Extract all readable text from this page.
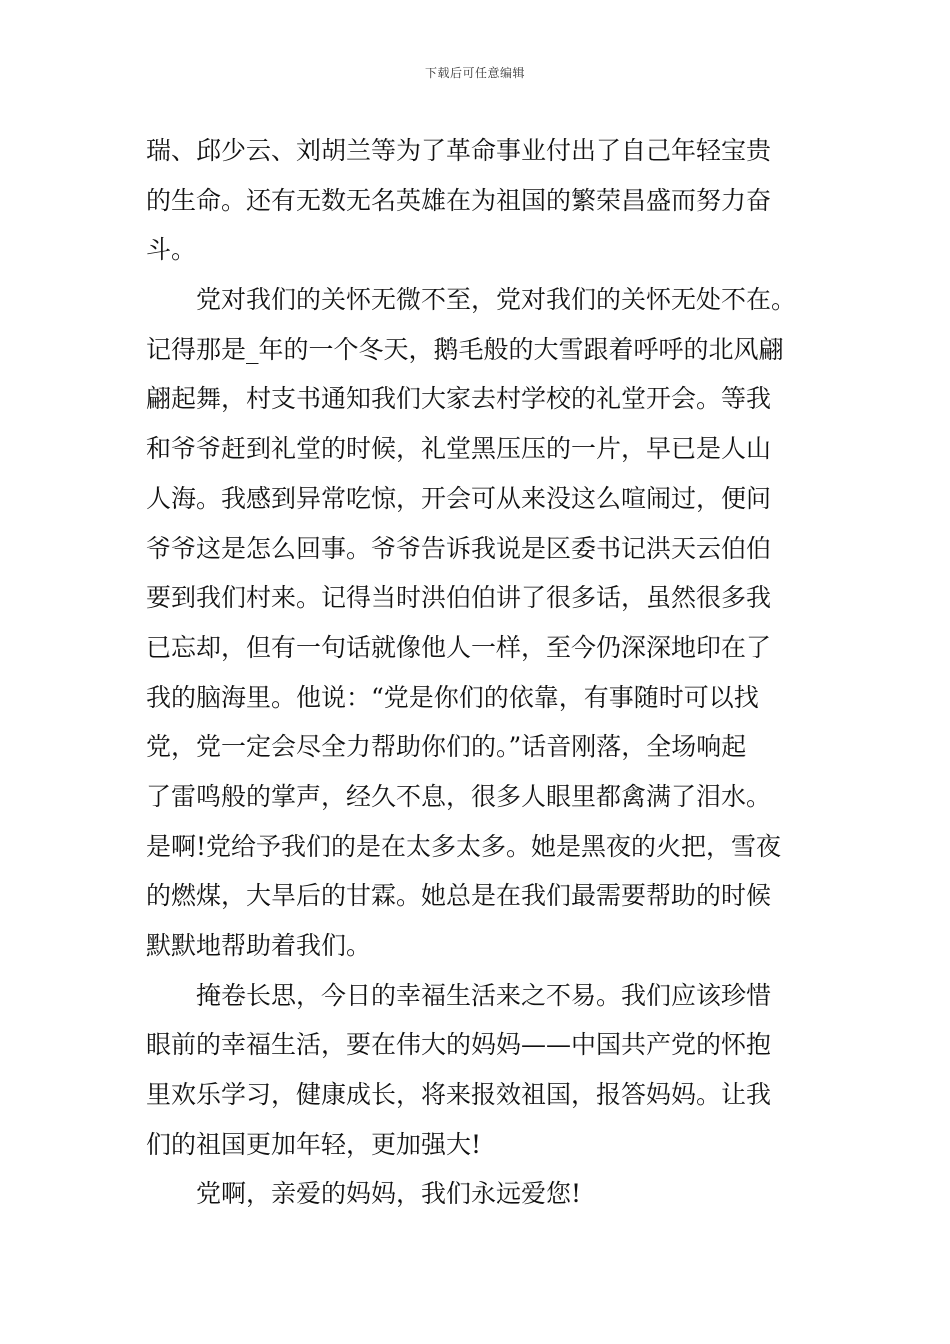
下载后可任意编辑
瑞、邱少云、刘胡兰等为了革命事业付出了自己年轻宝贵
的生命。还有无数无名英雄在为祖国的繁荣昌盛而努力奋
斗。
党对我们的关怀无微不至，党对我们的关怀无处不在。
记得那是_年的一个冬天，鹅毛般的大雪跟着呼呼的北风翩
翩起舞，村支书通知我们大家去村学校的礼堂开会。等我
和爷爷赶到礼堂的时候，礼堂黑压压的一片，早已是人山
人海。我感到异常吃惊，开会可从来没这么喧闹过，便问
爷爷这是怎么回事。爷爷告诉我说是区委书记洪天云伯伯
要到我们村来。记得当时洪伯伯讲了很多话，虽然很多我
已忘却，但有一句话就像他人一样，至今仍深深地印在了
我的脑海里。他说：“党是你们的依靠，有事随时可以找
党，党一定会尽全力帮助你们的。”话音刚落，全场响起
了雷鸣般的掌声，经久不息，很多人眼里都禽满了泪水。
是啊!党给予我们的是在太多太多。她是黑夜的火把，雪夜
的燃煤，大旱后的甘霖。她总是在我们最需要帮助的时候
默默地帮助着我们。
掩卷长思，今日的幸福生活来之不易。我们应该珍惜
眼前的幸福生活，要在伟大的妈妈——中国共产党的怀抱
里欢乐学习，健康成长，将来报效祖国，报答妈妈。让我
们的祖国更加年轻，更加强大!
党啊，亲爱的妈妈，我们永远爱您!
